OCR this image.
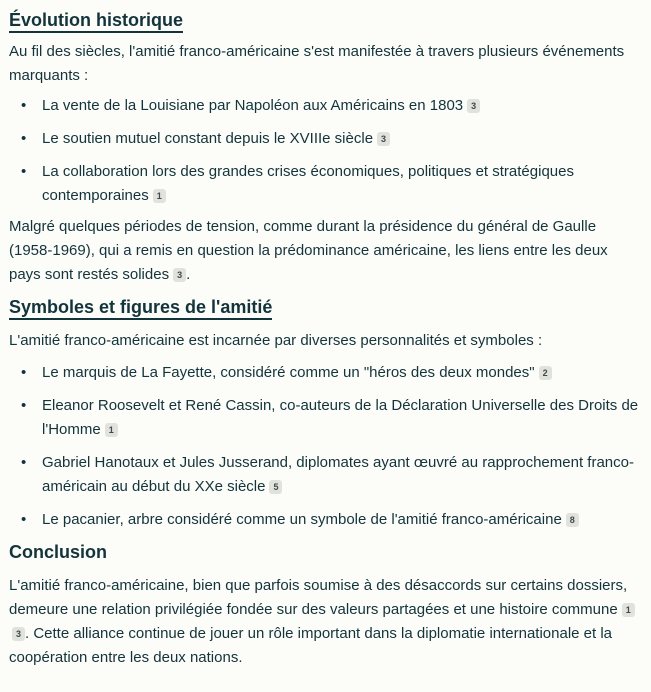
Évolution historique

Au fil des siècles, l'amitié franco-américaine s'est manifestée à travers plusieurs événements marquants :

• La vente de la Louisiane par Napoléon aux Américains en 1803 3
• Le soutien mutuel constant depuis le XVIIIe siècle 3
• La collaboration lors des grandes crises économiques, politiques et stratégiques contemporaines 1

Malgré quelques périodes de tension, comme durant la présidence du général de Gaulle (1958-1969), qui a remis en question la prédominance américaine, les liens entre les deux pays sont restés solides 3 .

Symboles et figures de l'amitié

L'amitié franco-américaine est incarnée par diverses personnalités et symboles :

• Le marquis de La Fayette, considéré comme un "héros des deux mondes" 2
• Eleanor Roosevelt et René Cassin, co-auteurs de la Déclaration Universelle des Droits de l'Homme 1
• Gabriel Hanotaux et Jules Jusserand, diplomates ayant œuvré au rapprochement franco-américain au début du XXe siècle 5
• Le pacanier, arbre considéré comme un symbole de l'amitié franco-américaine 8
Conclusion

L'amitié franco-américaine, bien que parfois soumise à des désaccords sur certains dossiers, demeure une relation privilégiée fondée sur des valeurs partagées et une histoire commune 13 . Cette alliance continue de jouer un rôle important dans la diplomatie internationale et la coopération entre les deux nations.
